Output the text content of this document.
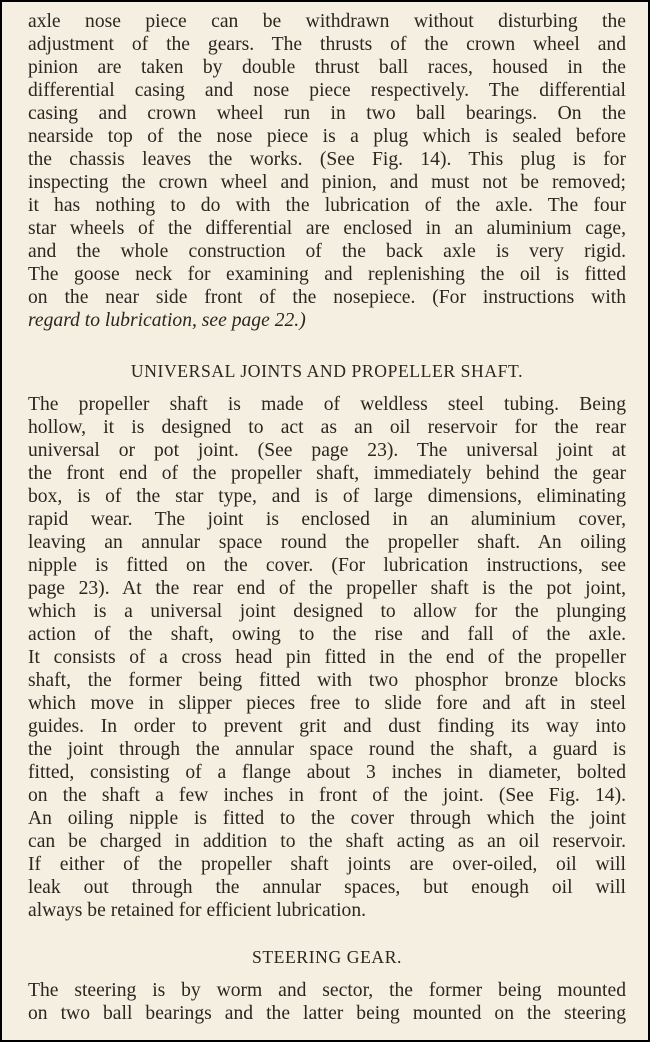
axle nose piece can be withdrawn without disturbing the
adjustment of the gears. The thrusts of the crown wheel and
pinion are taken by double thrust ball races, housed in the
differential casing and nose piece respectively. The differential
casing and crown wheel run in two ball bearings. On the
nearside top of the nose piece is a plug which is sealed before
the chassis leaves the works. (See Fig. 14). This plug is for
inspecting the crown wheel and pinion, and must not be removed;
it has nothing to do with the lubrication of the axle. The four
star wheels of the differential are enclosed in an aluminium cage,
and the whole construction of the back axle is very rigid.
The goose neck for examining and replenishing the oil is fitted
on the near side front of the nosepiece. (For instructions with
regard to lubrication, see page 22.)
UNIVERSAL JOINTS AND PROPELLER SHAFT.
The propeller shaft is made of weldless steel tubing. Being
hollow, it is designed to act as an oil reservoir for the rear
universal or pot joint. (See page 23). The universal joint at
the front end of the propeller shaft, immediately behind the gear
box, is of the star type, and is of large dimensions, eliminating
rapid wear. The joint is enclosed in an aluminium cover,
leaving an annular space round the propeller shaft. An oiling
nipple is fitted on the cover. (For lubrication instructions, see
page 23). At the rear end of the propeller shaft is the pot joint,
which is a universal joint designed to allow for the plunging
action of the shaft, owing to the rise and fall of the axle.
It consists of a cross head pin fitted in the end of the propeller
shaft, the former being fitted with two phosphor bronze blocks
which move in slipper pieces free to slide fore and aft in steel
guides. In order to prevent grit and dust finding its way into
the joint through the annular space round the shaft, a guard is
fitted, consisting of a flange about 3 inches in diameter, bolted
on the shaft a few inches in front of the joint. (See Fig. 14).
An oiling nipple is fitted to the cover through which the joint
can be charged in addition to the shaft acting as an oil reservoir.
If either of the propeller shaft joints are over-oiled, oil will
leak out through the annular spaces, but enough oil will
always be retained for efficient lubrication.
STEERING GEAR.
The steering is by worm and sector, the former being mounted
on two ball bearings and the latter being mounted on the steering
